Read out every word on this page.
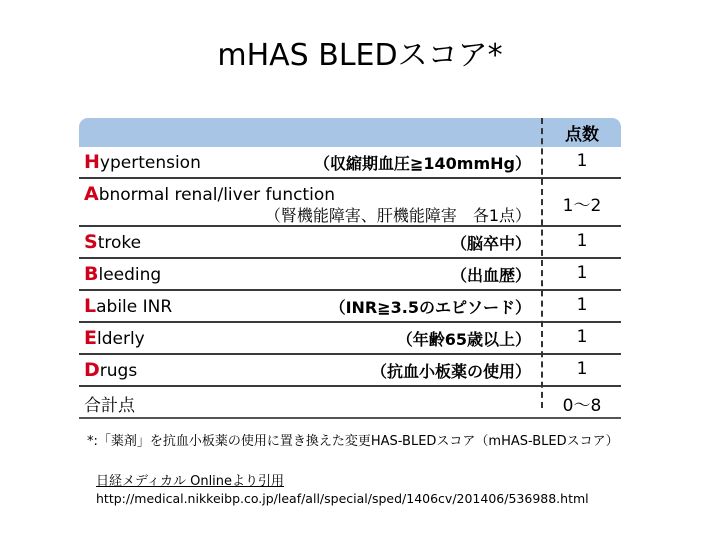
mHAS BLEDスコア*
点数
Hypertension	（収縮期血圧≧140mmHg）	1
Abnormal renal/liver function
（腎機能障害、肝機能障害　各1点）	1～2
Stroke	（脳卒中）	1
Bleeding	（出血歴）	1
Labile INR	（INR≧3.5のエピソード）	1
Elderly	（年齢65歳以上）	1
Drugs	（抗血小板薬の使用）	1
合計点	0～8
*:「薬剤」を抗血小板薬の使用に置き換えた変更HAS-BLEDスコア（mHAS-BLEDスコア）
日経メディカル Onlineより引用
http://medical.nikkeibp.co.jp/leaf/all/special/sped/1406cv/201406/536988.html
